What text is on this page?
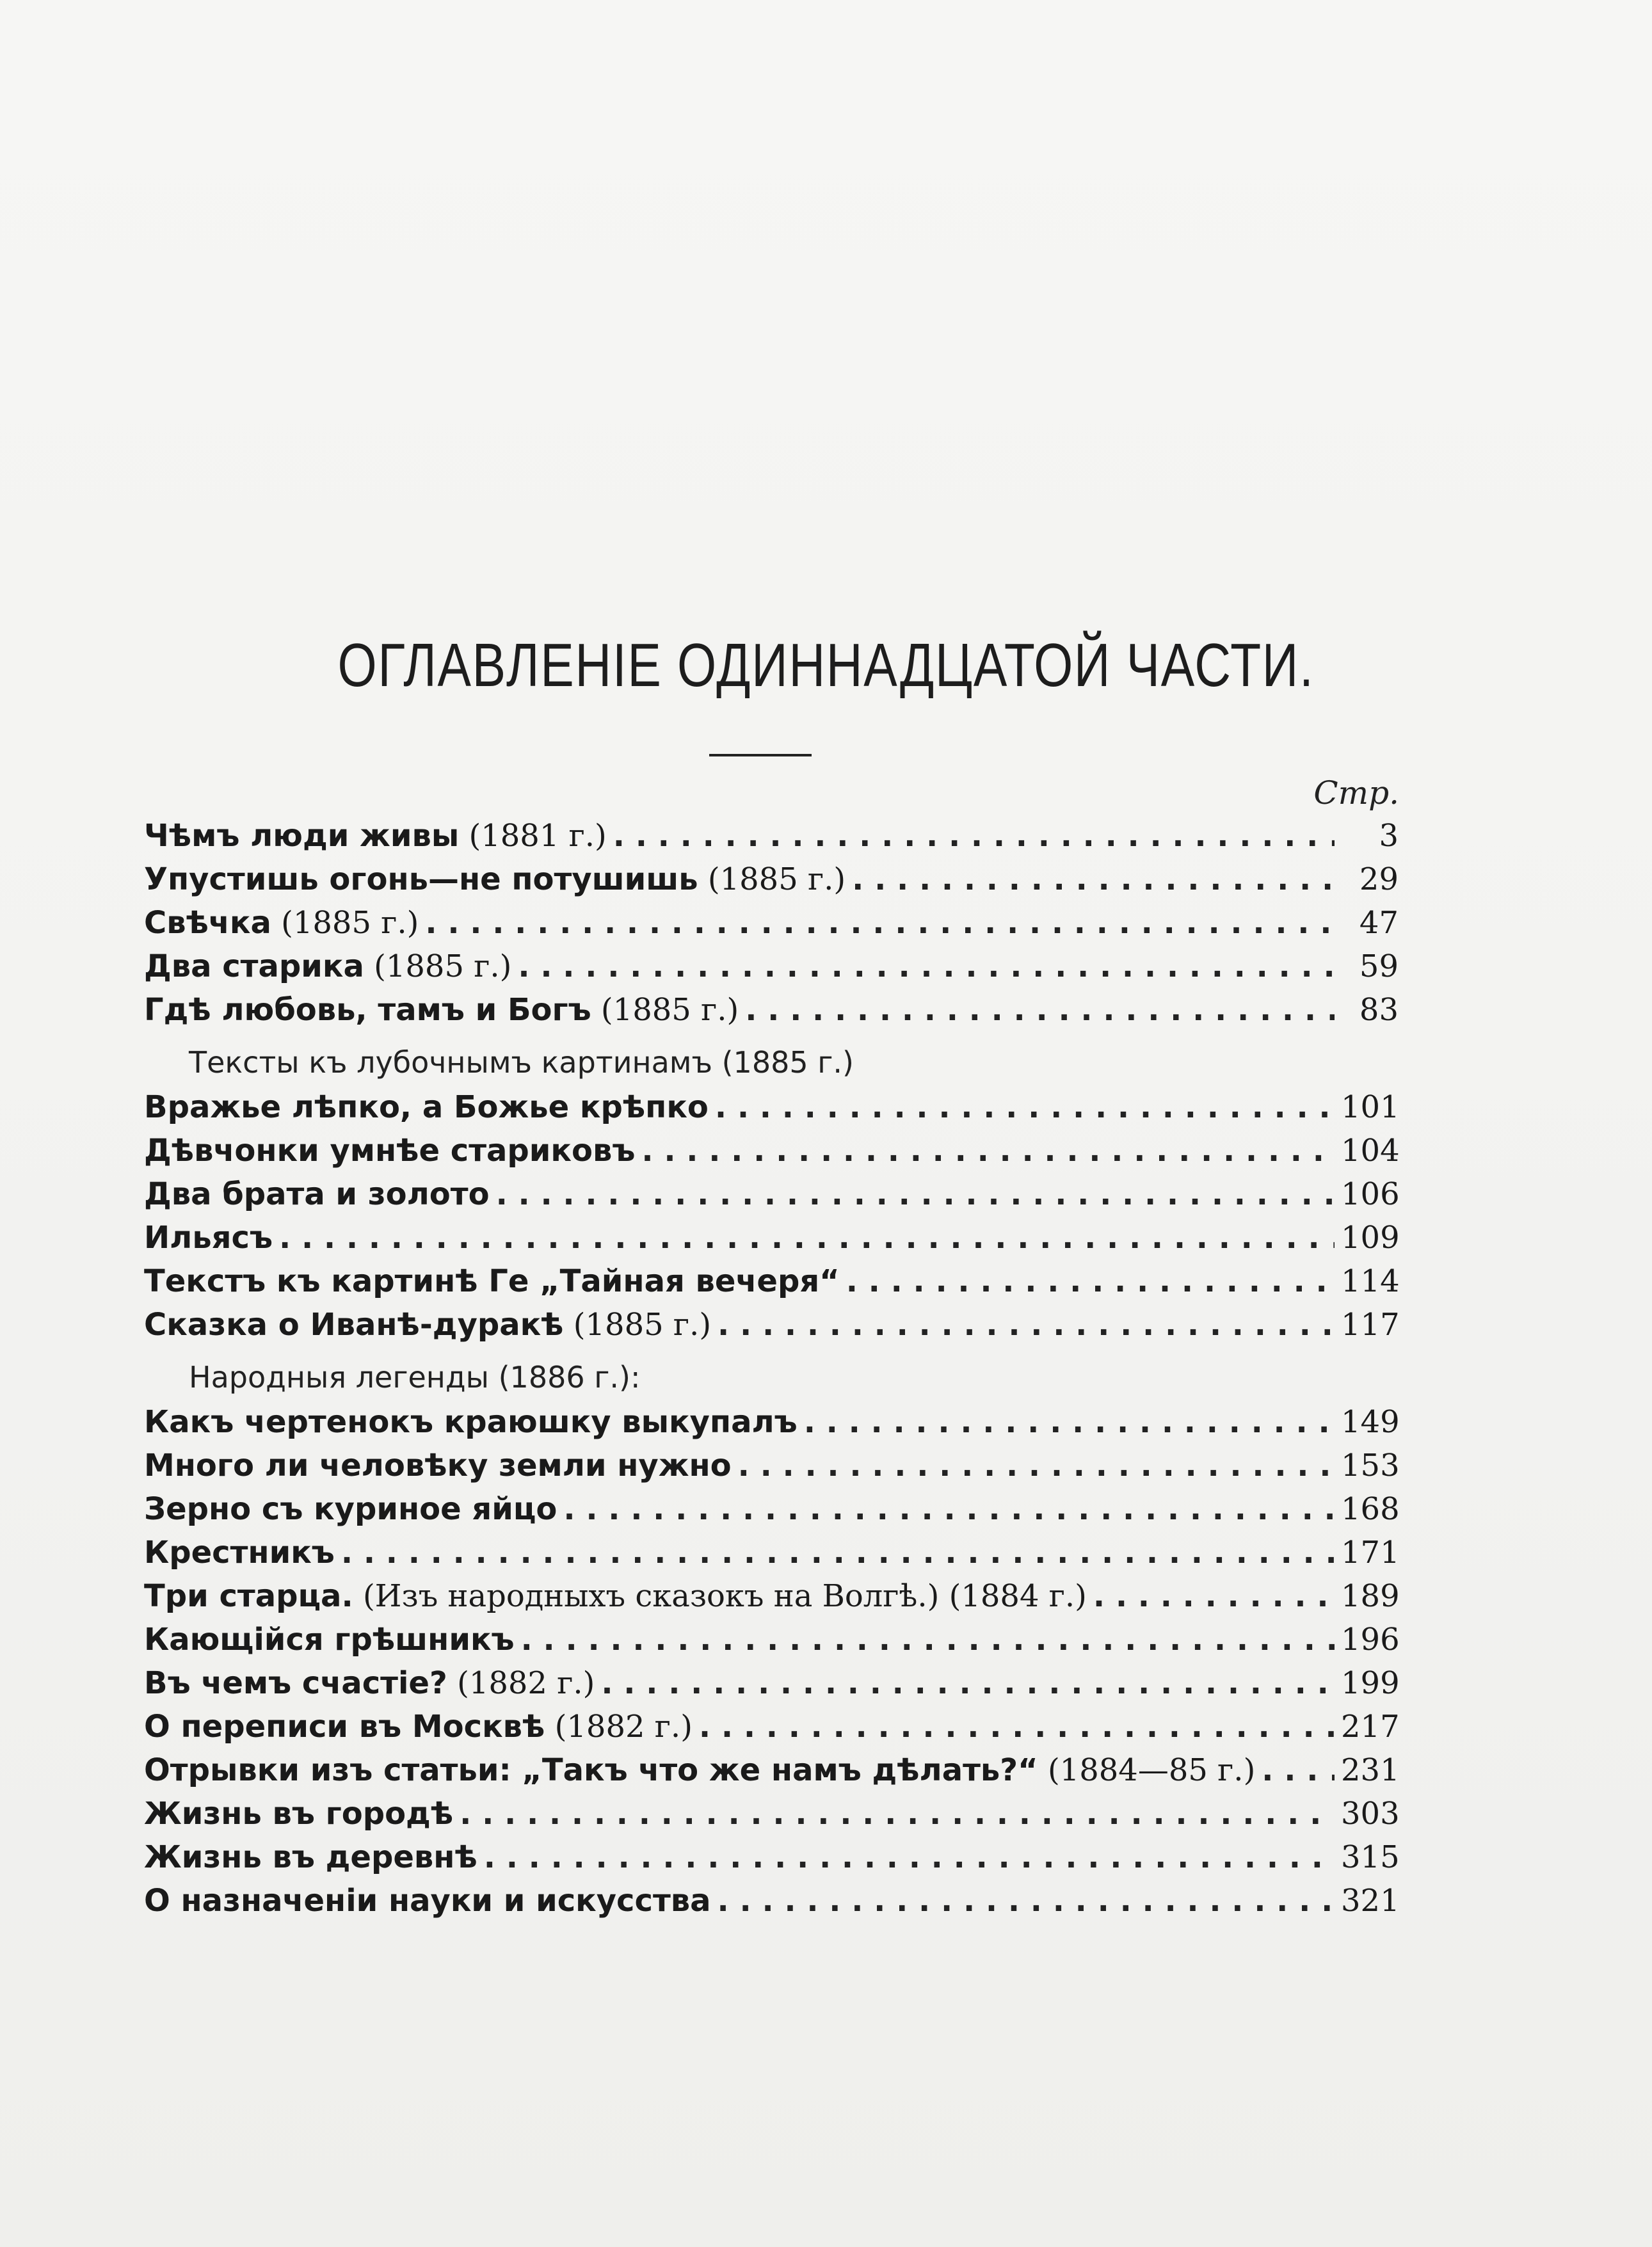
ОГЛАВЛЕНІЕ ОДИННАДЦАТОЙ ЧАСТИ.
Стр.
Чѣмъ люди живы
(1881 г.) . . .	3
Упустишь огонь—не потушишь
(1885 г.) . . .	29
Свѣчка
(1885 г.) . . .	47
Два старика
(1885 г.) . . .	59
Гдѣ любовь, тамъ и Богъ
(1885 г.) . . .	83
Тексты къ лубочнымъ картинамъ (1885 г.)
Вражье лѣпко, а Божье крѣпко . . .	101
Дѣвчонки умнѣе стариковъ . . .	104
Два брата и золото . . .	106
Ильясъ . . .	109
Текстъ къ картинѣ Ге „Тайная вечеря“ . . .	114
Сказка о Иванѣ-дуракѣ
(1885 г.) . . .	117
Народныя легенды (1886 г.):
Какъ чертенокъ краюшку выкупалъ . . .	149
Много ли человѣку земли нужно . . .	153
Зерно съ куриное яйцо . . .	168
Крестникъ . . .	171
Три старца.
(Изъ народныхъ сказокъ на Волгѣ.) (1884 г.) . . .	189
Кающійся грѣшникъ . . .	196
Въ чемъ счастіе?
(1882 г.) . . .	199
О переписи въ Москвѣ
(1882 г.) . . .	217
Отрывки изъ статьи: „Такъ что же намъ дѣлать?“
(1884—85 г.) . . .	231
Жизнь въ городѣ . . .	303
Жизнь въ деревнѣ . . .	315
О назначеніи науки и искусства . . .	321
